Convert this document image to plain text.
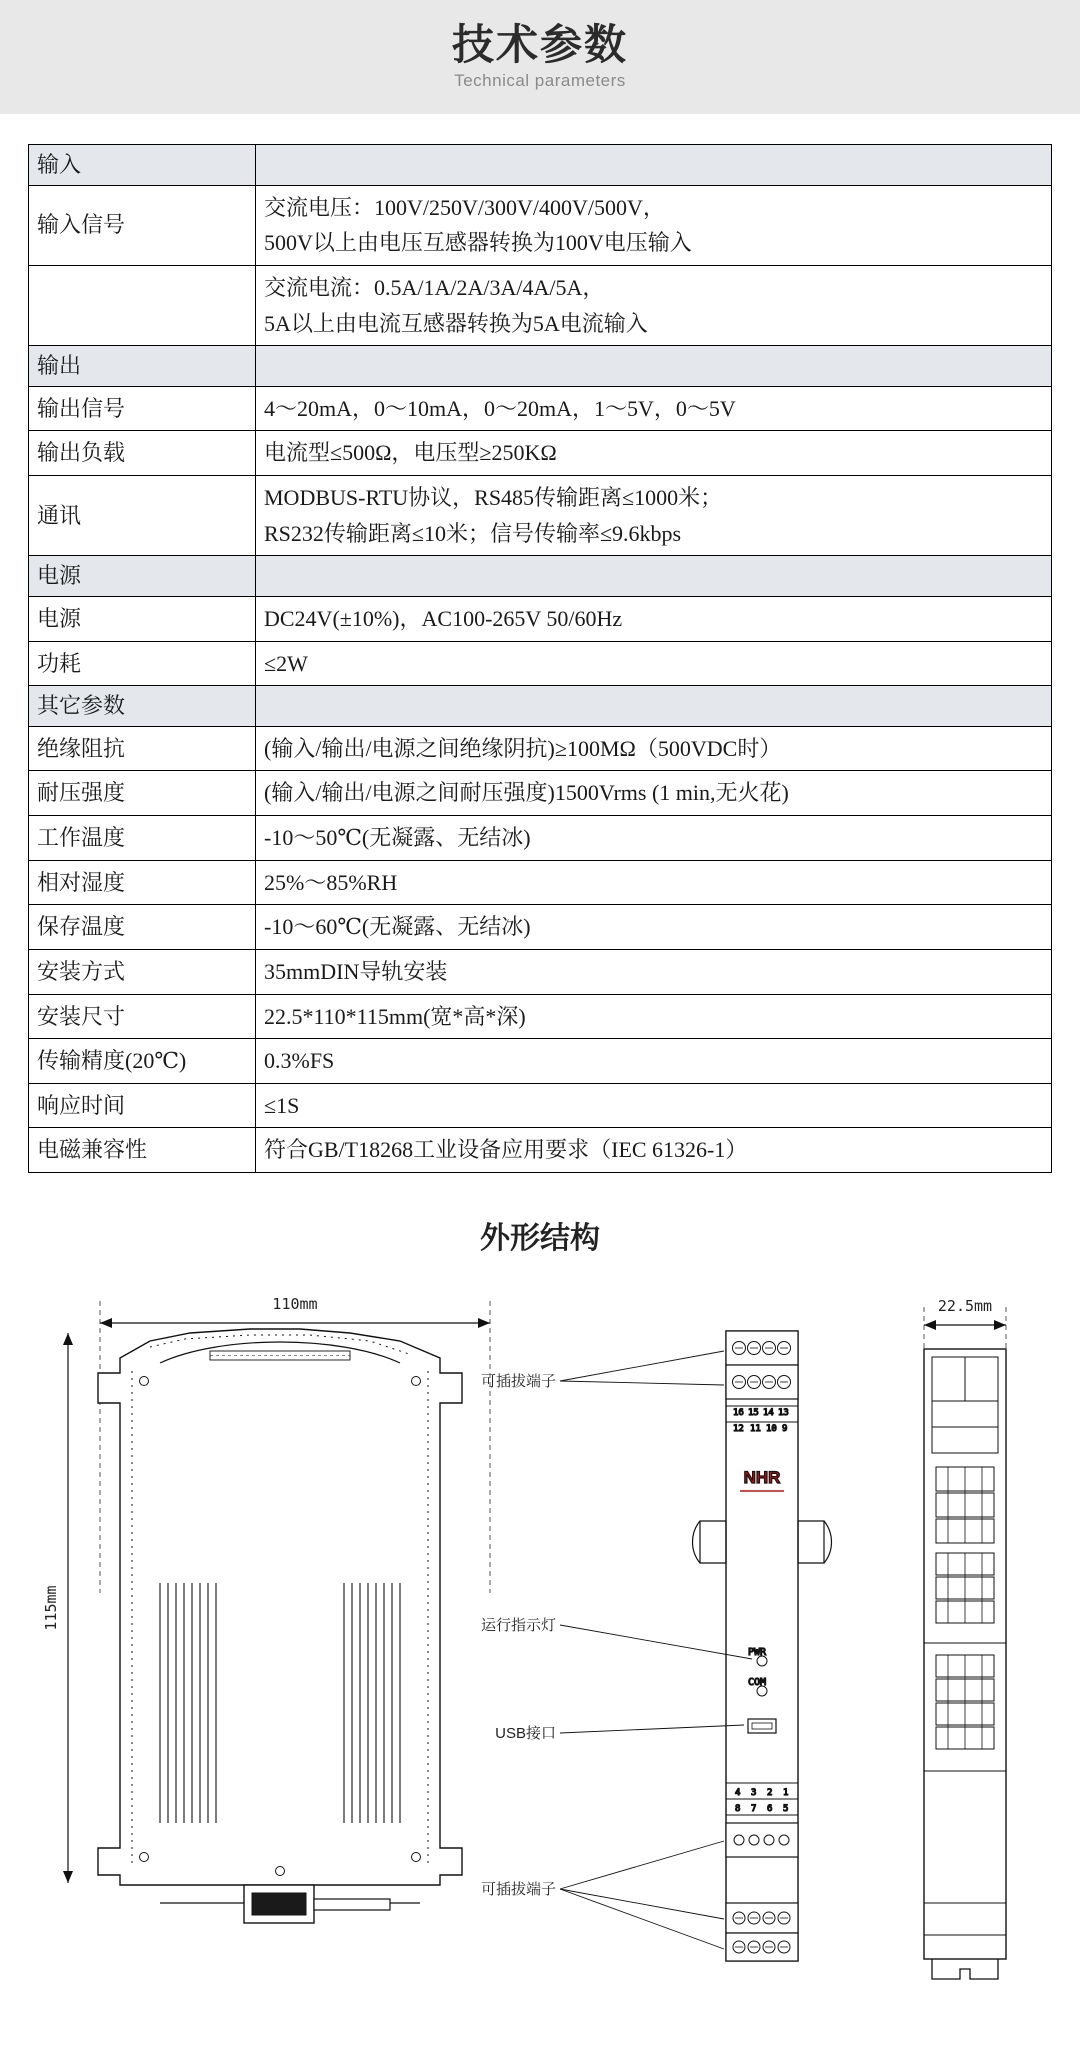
技术参数
Technical parameters
输入	
输入信号	交流电压：100V/250V/300V/400V/500V，
500V以上由电压互感器转换为100V电压输入

	交流电流：0.5A/1A/2A/3A/4A/5A，
5A以上由电流互感器转换为5A电流输入

输出	
输出信号	4～20mA，0～10mA，0～20mA，1～5V，0～5V

输出负载	电流型≤500Ω，电压型≥250KΩ

通讯	MODBUS-RTU协议，RS485传输距离≤1000米；
RS232传输距离≤10米；信号传输率≤9.6kbps

电源	
电源	DC24V(±10%)，AC100-265V 50/60Hz

功耗	≤2W

其它参数	
绝缘阻抗	(输入/输出/电源之间绝缘阴抗)≥100MΩ（500VDC时）

耐压强度	(输入/输出/电源之间耐压强度)1500Vrms (1 min,无火花)

工作温度	-10～50℃(无凝露、无结冰)

相对湿度	25%～85%RH

保存温度	-10～60℃(无凝露、无结冰)

安装方式	35mmDIN导轨安装

安装尺寸	22.5*110*115mm(宽*高*深)

传输精度(20℃)	0.3%FS

响应时间	≤1S

电磁兼容性	符合GB/T18268工业设备应用要求（IEC 61326-1）
外形结构
110mm
115mm
16 15 14 13
12 11 10 9
NHR
PWR
COM
4 3 2 1
8 7 6 5
可插拔端子
运行指示灯
USB接口
可插拔端子
22.5mm
